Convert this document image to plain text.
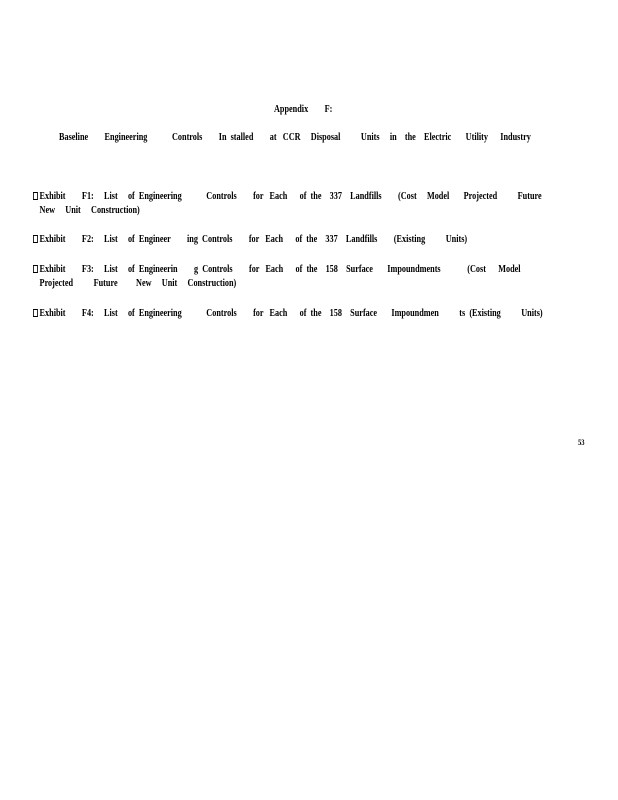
Appendix        F:
Baseline        Engineering            Controls        In  stalled        at   CCR     Disposal          Units     in    the    Electric       Utility      Industry
Exhibit        F1:     List     of  Engineering            Controls        for   Each      of  the    337    Landfills        (Cost     Model       Projected          Future
New     Unit     Construction)
Exhibit        F2:     List     of  Engineer        ing  Controls        for   Each      of  the    337    Landfills        (Existing          Units)
Exhibit        F3:     List     of  Engineerin        g  Controls        for   Each      of  the    158    Surface       Impoundments             (Cost      Model
Projected          Future         New     Unit     Construction)
Exhibit        F4:     List     of  Engineering            Controls        for   Each      of  the    158    Surface       Impoundmen          ts  (Existing          Units)
53
